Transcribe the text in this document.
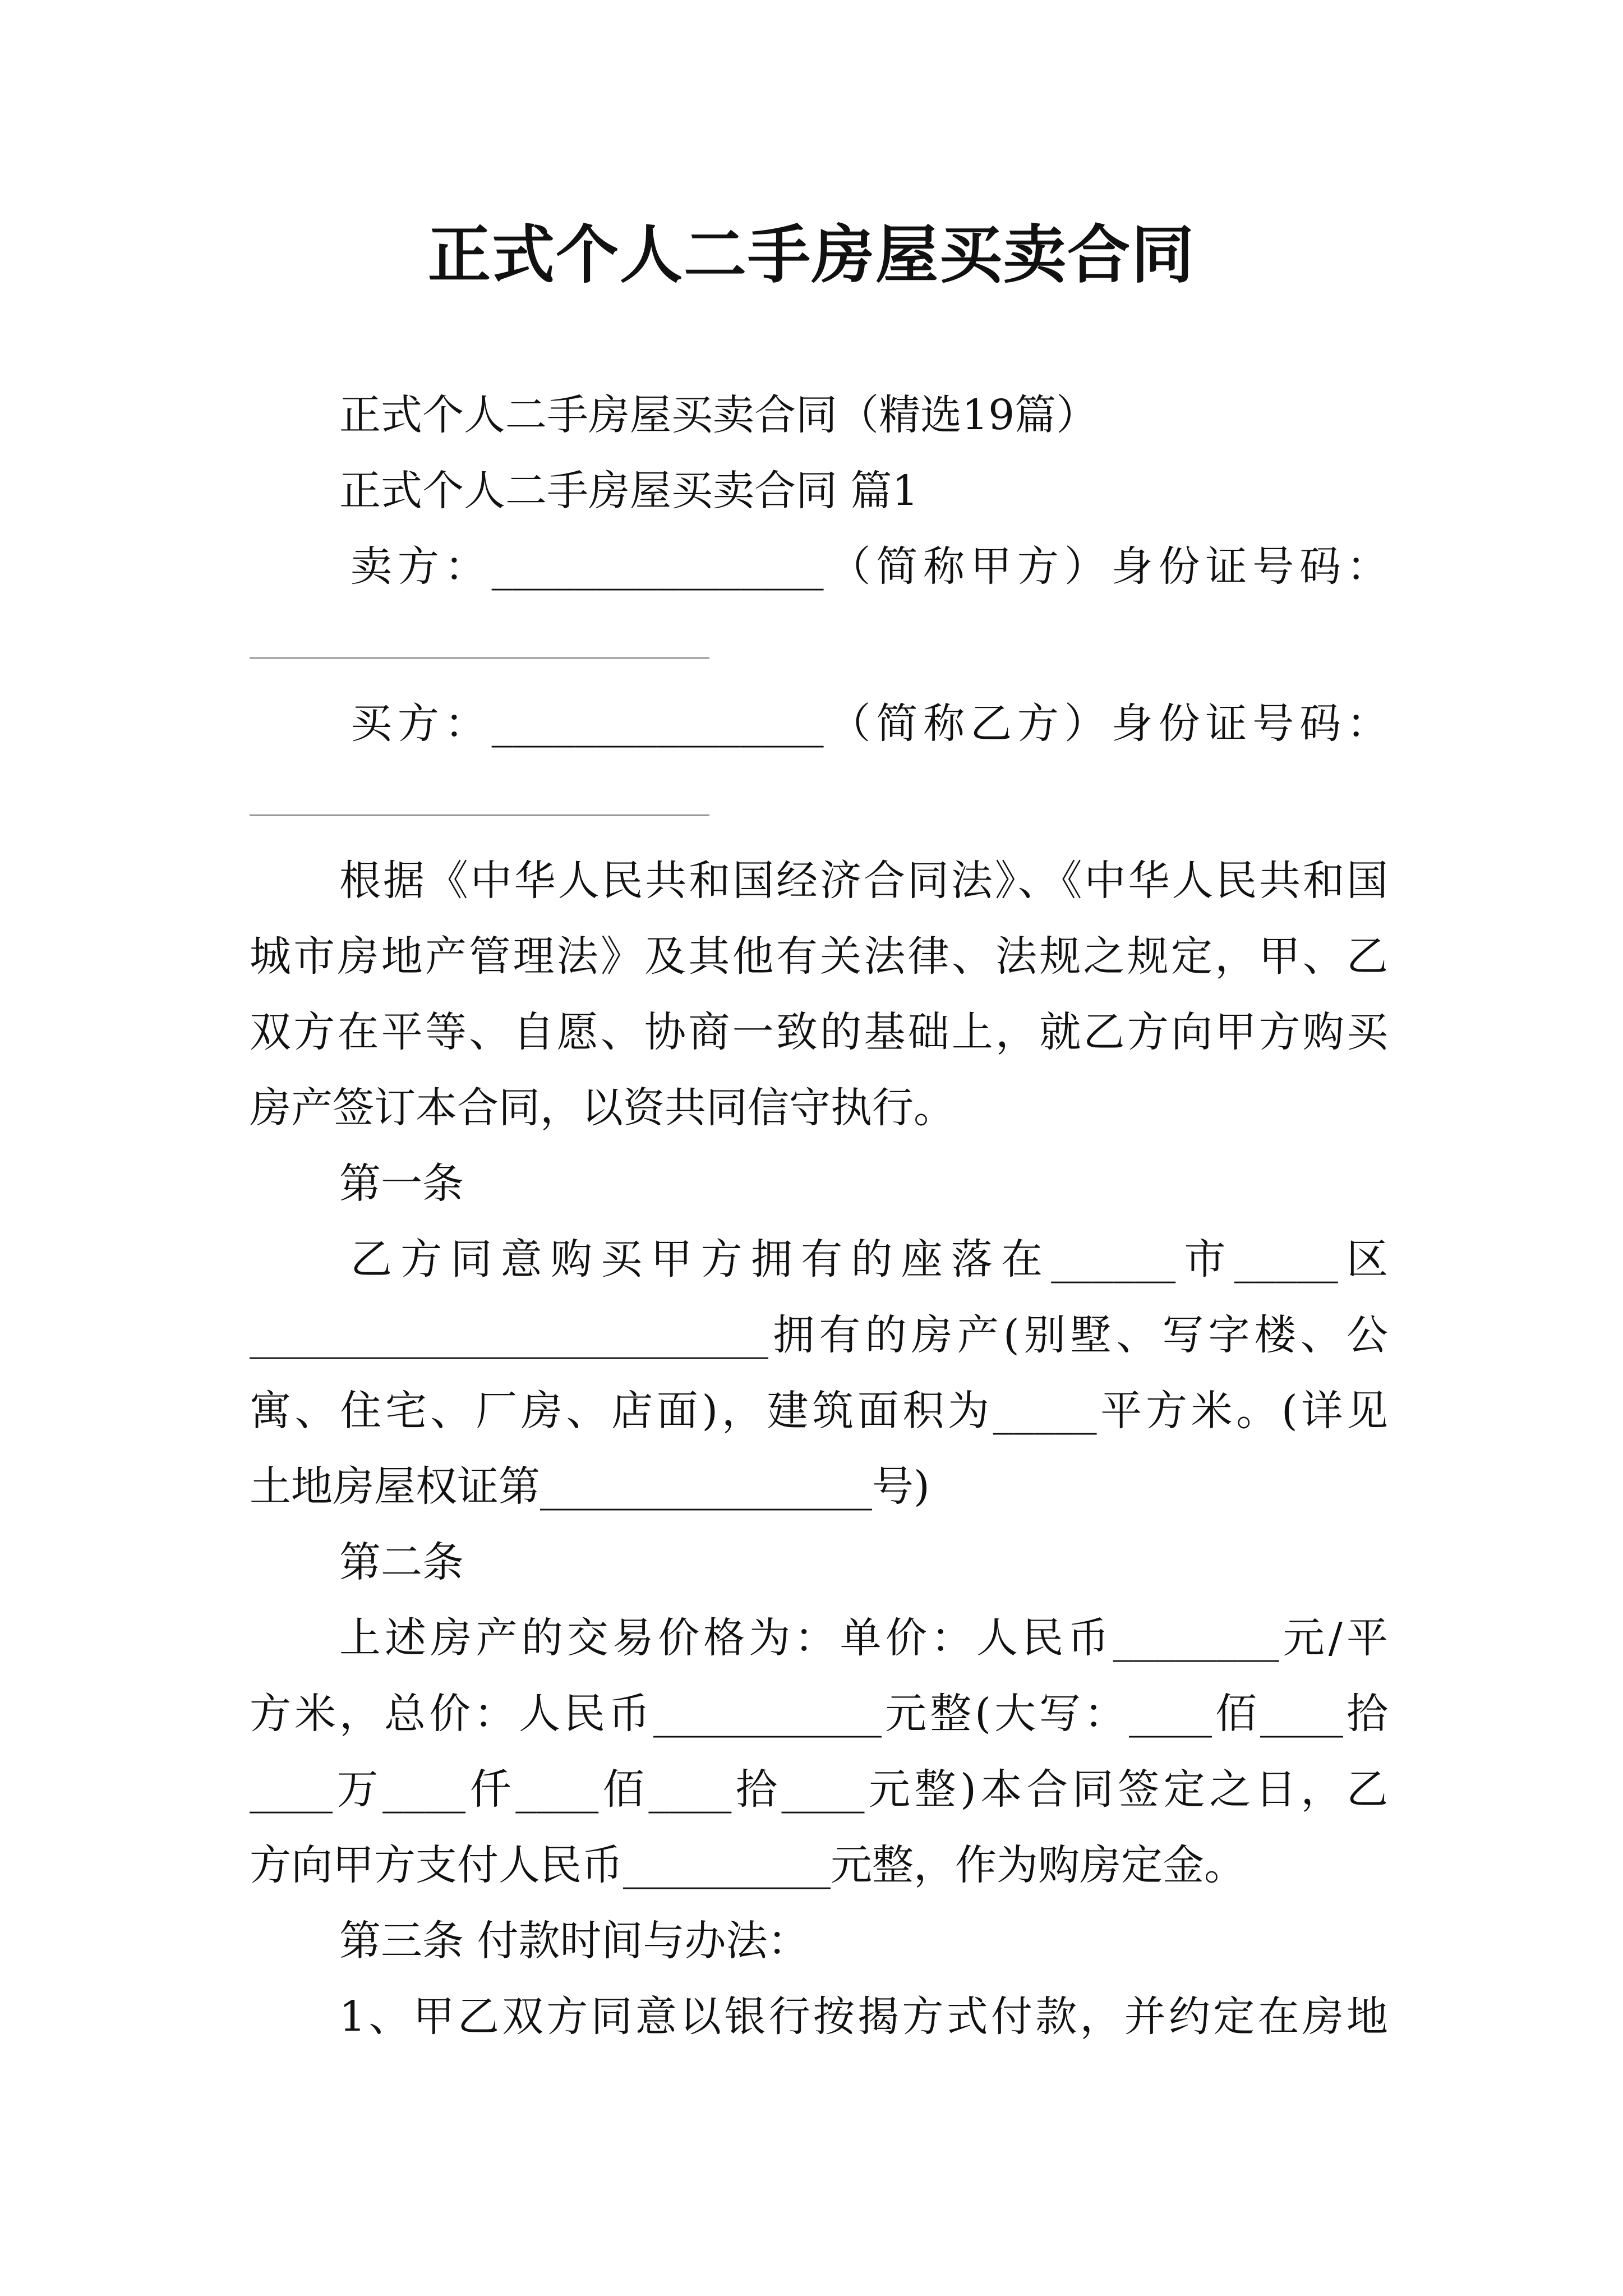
正式个人二手房屋买卖合同
正式个人二手房屋买卖合同（精选19篇）
正式个人二手房屋买卖合同 篇1
卖方：________________（简称甲方）身份证号码：
买方：________________（简称乙方）身份证号码：
根据《中华人民共和国经济合同法》、《中华人民共和国
城市房地产管理法》及其他有关法律、法规之规定，甲、乙
双方在平等、自愿、协商一致的基础上，就乙方向甲方购买
房产签订本合同，以资共同信守执行。
第一条
乙方同意购买甲方拥有的座落在______市_____区
_________________________拥有的房产(别墅、写字楼、公
寓、住宅、厂房、店面)，建筑面积为_____平方米。(详见
土地房屋权证第________________号)
第二条
上述房产的交易价格为：单价：人民币________元/平
方米，总价：人民币___________元整(大写：____佰____拾
____万____仟____佰____拾____元整)本合同签定之日，乙
方向甲方支付人民币__________元整，作为购房定金。
第三条 付款时间与办法：
1、甲乙双方同意以银行按揭方式付款，并约定在房地
